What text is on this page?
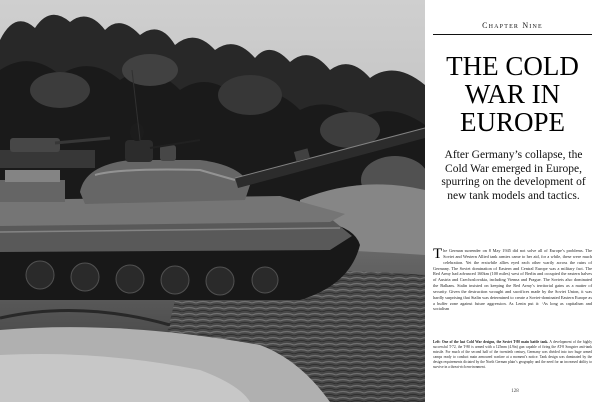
Chapter Nine
THE COLD
WAR IN
EUROPE

After Germany’s collapse, the Cold War emerged in Europe, spurring on the development of new tank models and tactics.

The German surrender on 8 May 1945 did not solve all of Europe’s problems. The Soviet and Western Allied tank armies came to her aid, for a while, these were much celebration. Yet the erstwhile allies eyed each other warily across the ruins of Germany. The Soviet domination of Eastern and Central Europe was a military fact. The Red Army had advanced 160km (100 miles) west of Berlin and occupied the eastern halves of Austria and Czechoslovakia, including Vienna and Prague. The Soviets also dominated the Balkans. Stalin insisted on keeping the Red Army’s territorial gains as a matter of security. Given the destruction wrought and sacrifices made by the Soviet Union, it was hardly surprising that Stalin was determined to create a Soviet-dominated Eastern Europe as a buffer zone against future aggression. As Lenin put it: ‘As long as capitalism and socialism
Left: One of the last Cold War designs, the Soviet T-80 main battle tank. A development of the highly successful T-72, the T-80 is armed with a 125mm (4.9in) gun capable of firing the AT-8 Songster anti-tank missile. For much of the second half of the twentieth century, Germany was divided into two huge armed camps ready to conduct main armoured warfare at a moment’s notice. Tank design was dominated by the design requirements dictated by the North German plain’s geography and the need for an increased ability to survive in a threat-rich environment.
128
